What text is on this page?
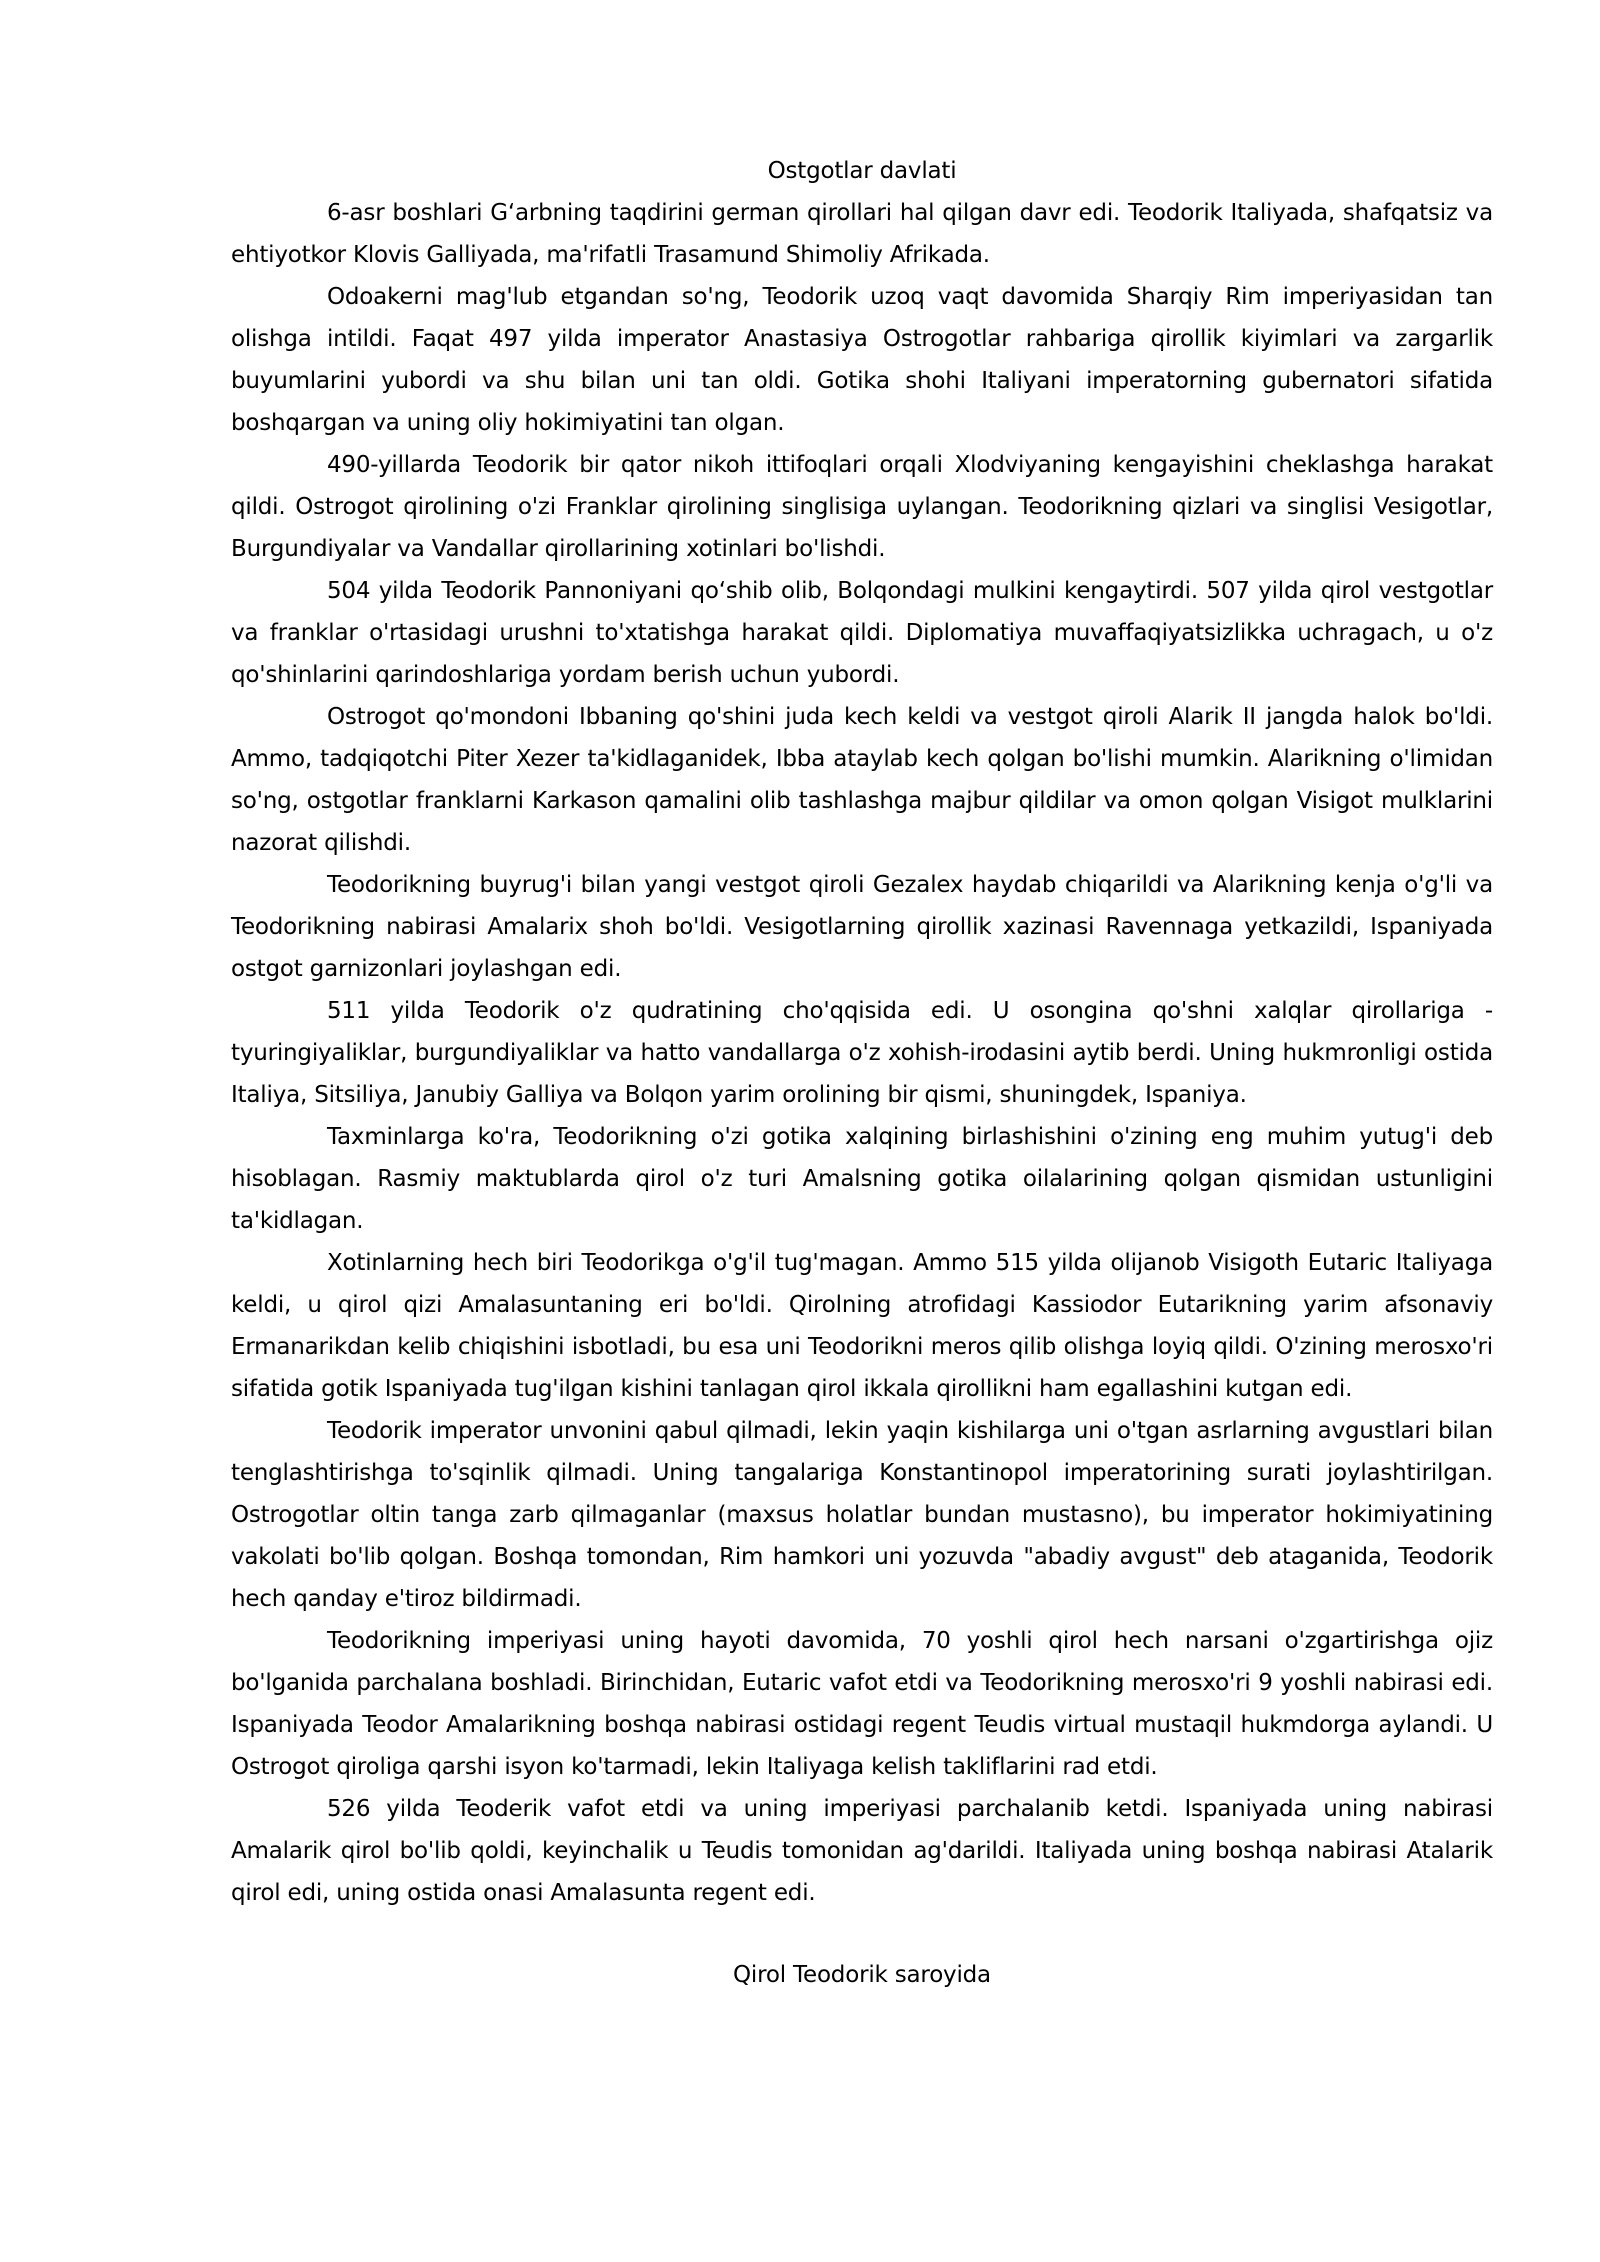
Ostgotlar davlati

6-asr boshlari G‘arbning taqdirini german qirollari hal qilgan davr edi. Teodorik Italiyada, shafqatsiz va ehtiyotkor Klovis Galliyada, ma'rifatli Trasamund Shimoliy Afrikada.

Odoakerni mag'lub etgandan so'ng, Teodorik uzoq vaqt davomida Sharqiy Rim imperiyasidan tan olishga intildi. Faqat 497 yilda imperator Anastasiya Ostrogotlar rahbariga qirollik kiyimlari va zargarlik buyumlarini yubordi va shu bilan uni tan oldi. Gotika shohi Italiyani imperatorning gubernatori sifatida boshqargan va uning oliy hokimiyatini tan olgan.

490-yillarda Teodorik bir qator nikoh ittifoqlari orqali Xlodviyaning kengayishini cheklashga harakat qildi. Ostrogot qirolining o'zi Franklar qirolining singlisiga uylangan. Teodorikning qizlari va singlisi Vesigotlar, Burgundiyalar va Vandallar qirollarining xotinlari bo'lishdi.

504 yilda Teodorik Pannoniyani qo‘shib olib, Bolqondagi mulkini kengaytirdi. 507 yilda qirol vestgotlar va franklar o'rtasidagi urushni to'xtatishga harakat qildi. Diplomatiya muvaffaqiyatsizlikka uchragach, u o'z qo'shinlarini qarindoshlariga yordam berish uchun yubordi.

Ostrogot qo'mondoni Ibbaning qo'shini juda kech keldi va vestgot qiroli Alarik II jangda halok bo'ldi. Ammo, tadqiqotchi Piter Xezer ta'kidlaganidek, Ibba ataylab kech qolgan bo'lishi mumkin. Alarikning o'limidan so'ng, ostgotlar franklarni Karkason qamalini olib tashlashga majbur qildilar va omon qolgan Visigot mulklarini nazorat qilishdi.

Teodorikning buyrug'i bilan yangi vestgot qiroli Gezalex haydab chiqarildi va Alarikning kenja o'g'li va Teodorikning nabirasi Amalarix shoh bo'ldi. Vesigotlarning qirollik xazinasi Ravennaga yetkazildi, Ispaniyada ostgot garnizonlari joylashgan edi.

511 yilda Teodorik o'z qudratining cho'qqisida edi. U osongina qo'shni xalqlar qirollariga - tyuringiyaliklar, burgundiyaliklar va hatto vandallarga o'z xohish-irodasini aytib berdi. Uning hukmronligi ostida Italiya, Sitsiliya, Janubiy Galliya va Bolqon yarim orolining bir qismi, shuningdek, Ispaniya.

Taxminlarga ko'ra, Teodorikning o'zi gotika xalqining birlashishini o'zining eng muhim yutug'i deb hisoblagan. Rasmiy maktublarda qirol o'z turi Amalsning gotika oilalarining qolgan qismidan ustunligini ta'kidlagan.

Xotinlarning hech biri Teodorikga o'g'il tug'magan. Ammo 515 yilda olijanob Visigoth Eutaric Italiyaga keldi, u qirol qizi Amalasuntaning eri bo'ldi. Qirolning atrofidagi Kassiodor Eutarikning yarim afsonaviy Ermanarikdan kelib chiqishini isbotladi, bu esa uni Teodorikni meros qilib olishga loyiq qildi. O'zining merosxo'ri sifatida gotik Ispaniyada tug'ilgan kishini tanlagan qirol ikkala qirollikni ham egallashini kutgan edi.

Teodorik imperator unvonini qabul qilmadi, lekin yaqin kishilarga uni o'tgan asrlarning avgustlari bilan tenglashtirishga to'sqinlik qilmadi. Uning tangalariga Konstantinopol imperatorining surati joylashtirilgan. Ostrogotlar oltin tanga zarb qilmaganlar (maxsus holatlar bundan mustasno), bu imperator hokimiyatining vakolati bo'lib qolgan. Boshqa tomondan, Rim hamkori uni yozuvda "abadiy avgust" deb ataganida, Teodorik hech qanday e'tiroz bildirmadi.

Teodorikning imperiyasi uning hayoti davomida, 70 yoshli qirol hech narsani o'zgartirishga ojiz bo'lganida parchalana boshladi. Birinchidan, Eutaric vafot etdi va Teodorikning merosxo'ri 9 yoshli nabirasi edi. Ispaniyada Teodor Amalarikning boshqa nabirasi ostidagi regent Teudis virtual mustaqil hukmdorga aylandi. U Ostrogot qiroliga qarshi isyon ko'tarmadi, lekin Italiyaga kelish takliflarini rad etdi.

526 yilda Teoderik vafot etdi va uning imperiyasi parchalanib ketdi. Ispaniyada uning nabirasi Amalarik qirol bo'lib qoldi, keyinchalik u Teudis tomonidan ag'darildi. Italiyada uning boshqa nabirasi Atalarik qirol edi, uning ostida onasi Amalasunta regent edi.

Qirol Teodorik saroyida
